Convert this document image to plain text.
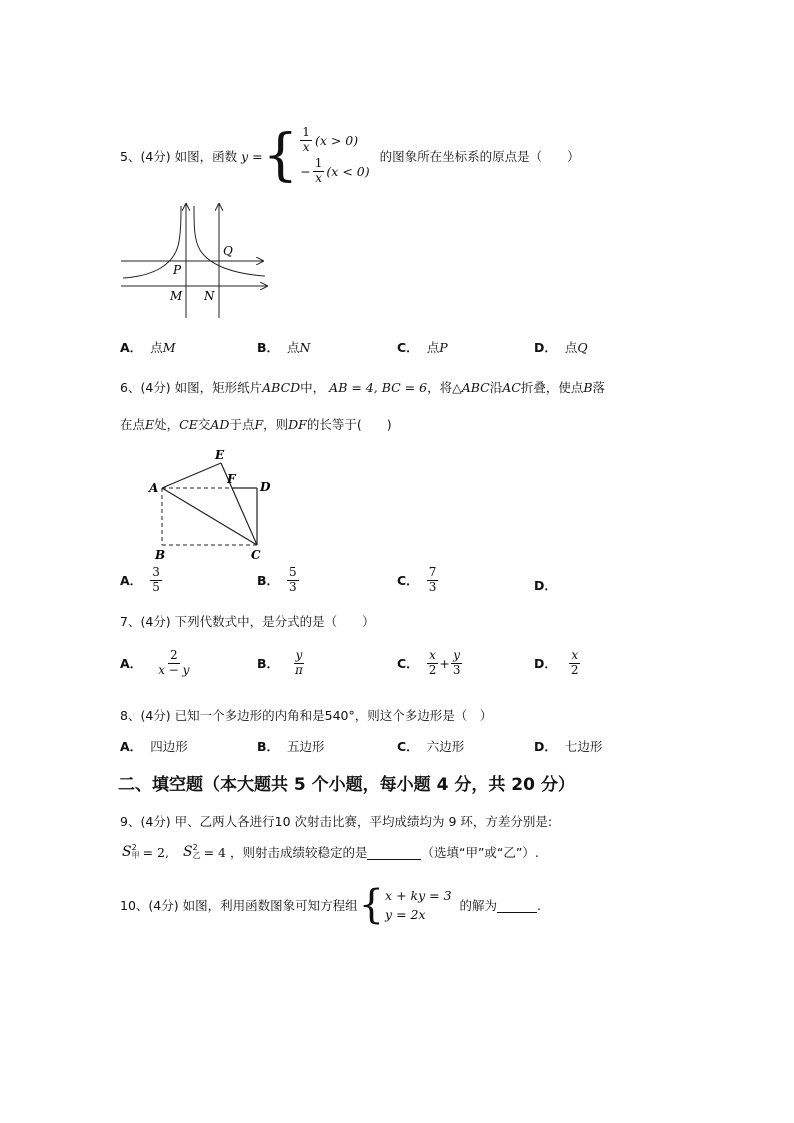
5、(4分) 如图，函数 y = { $\frac{1}{x} (x > 0)$
− $\frac{1}{x} (x < 0)$
的图象所在坐标系的原点是（　　）
Q
P
M N
A． 点M	B． 点N	C． 点P	D． 点Q
6、(4分) 如图，矩形纸片ABCD中， AB = 4, BC = 6，将△ABC沿AC折叠，使点B落
在点E处，CE交AD于点F，则DF的长等于(　　)
A
B	C
D
E
F
A． $\frac{3}{5}$	B． $\frac{5}{3}$	C． $\frac{7}{3}$	D．
7、(4分) 下列代数式中，是分式的是（　　）
A． $\frac{2}{x - y}$	B． $\frac{y}{\pi}$	C． $\frac{x}{2} + \frac{y}{3}$	D． $\frac{x}{2}$
8、(4分) 已知一个多边形的内角和是540°，则这个多边形是（　）
A． 四边形	B． 五边形	C． 六边形	D． 七边形
二、填空题（本大题共 5 个小题，每小题 4 分，共 20 分）
9、(4分) 甲、乙两人各进行10 次射击比赛，平均成绩均为 9 环，方差分别是:
S 2
甲 = 2, S 2
乙 = 4 ，则射击成绩较稳定的是	（选填“甲”或“乙”）.
10、(4分) 如图，利用函数图象可知方程组 { x + ky = 3
y = 2x
的解为	.
